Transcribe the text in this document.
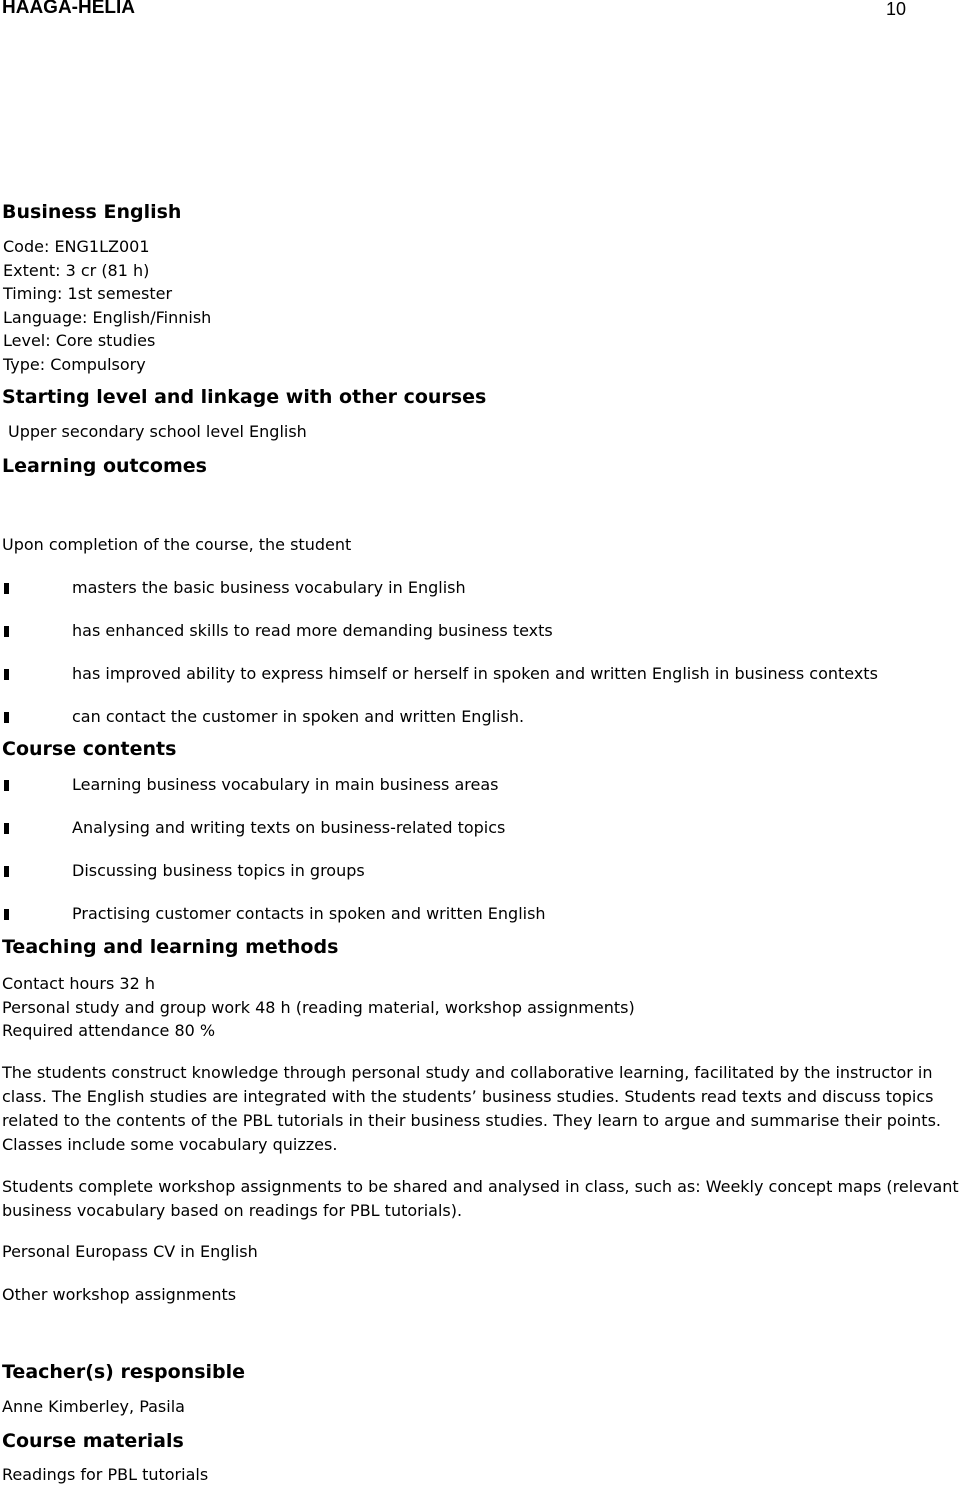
HAAGA-HELIA	10
Business English
Code: ENG1LZ001
Extent: 3 cr (81 h)
Timing: 1st semester
Language: English/Finnish
Level: Core studies
Type: Compulsory
Starting level and linkage with other courses
Upper secondary school level English
Learning outcomes
Upon completion of the course, the student
masters the basic business vocabulary in English
has enhanced skills to read more demanding business texts
has improved ability to express himself or herself in spoken and written English in business contexts
can contact the customer in spoken and written English.
Course contents
Learning business vocabulary in main business areas
Analysing and writing texts on business-related topics
Discussing business topics in groups
Practising customer contacts in spoken and written English
Teaching and learning methods
Contact hours 32 h
Personal study and group work 48 h (reading material, workshop assignments)
Required attendance 80 %
The students construct knowledge through personal study and collaborative learning, facilitated by the instructor in class. The English studies are integrated with the students’ business studies. Students read texts and discuss topics related to the contents of the PBL tutorials in their business studies. They learn to argue and summarise their points. Classes include some vocabulary quizzes.
Students complete workshop assignments to be shared and analysed in class, such as: Weekly concept maps (relevant business vocabulary based on readings for PBL tutorials).
Personal Europass CV in English
Other workshop assignments
Teacher(s) responsible
Anne Kimberley, Pasila
Course materials
Readings for PBL tutorials
